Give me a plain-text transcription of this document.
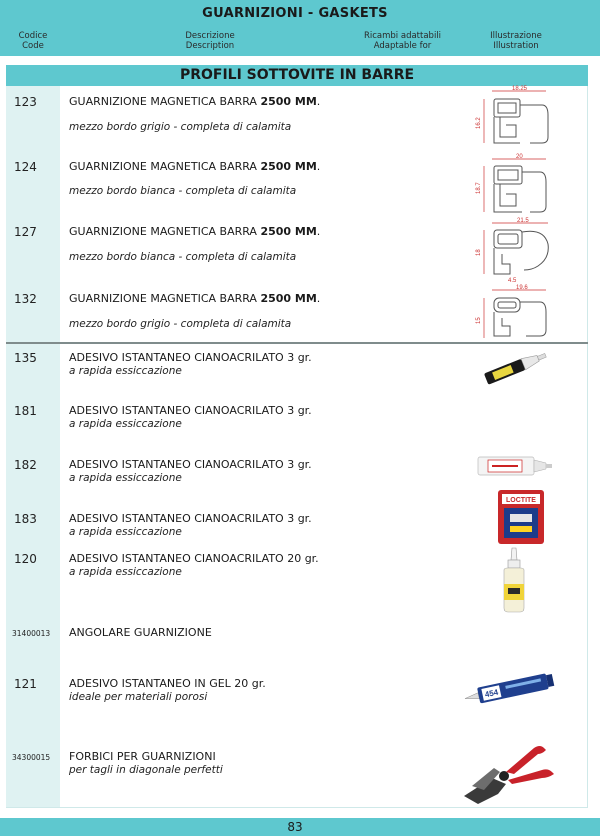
GUARNIZIONI - GASKETS
Codice
Code
Descrizione
Description
Ricambi adattabili
Adaptable for
Illustrazione
Illustration
PROFILI SOTTOVITE IN BARRE
123	GUARNIZIONE MAGNETICA BARRA 2500 MM.
mezzo bordo grigio - completa di calamita
124	GUARNIZIONE MAGNETICA BARRA 2500 MM.
mezzo bordo bianca - completa di calamita
127	GUARNIZIONE MAGNETICA BARRA 2500 MM.
mezzo bordo bianca - completa di calamita
132	GUARNIZIONE MAGNETICA BARRA 2500 MM.
mezzo bordo grigio - completa di calamita
135	ADESIVO ISTANTANEO CIANOACRILATO 3 gr.
a rapida essiccazione
181	ADESIVO ISTANTANEO CIANOACRILATO 3 gr.
a rapida essiccazione
182	ADESIVO ISTANTANEO CIANOACRILATO 3 gr.
a rapida essiccazione
183	ADESIVO ISTANTANEO CIANOACRILATO 3 gr.
a rapida essiccazione
120	ADESIVO ISTANTANEO CIANOACRILATO 20 gr.
a rapida essiccazione
31400013 ANGOLARE GUARNIZIONE
121	ADESIVO ISTANTANEO IN GEL 20 gr.
ideale per materiali porosi
34300015 FORBICI PER GUARNIZIONI
per tagli in diagonale perfetti
18.25
16.2
20
18.7
21.5
18
4.5
19.6
15
LOCTITE
454
83
